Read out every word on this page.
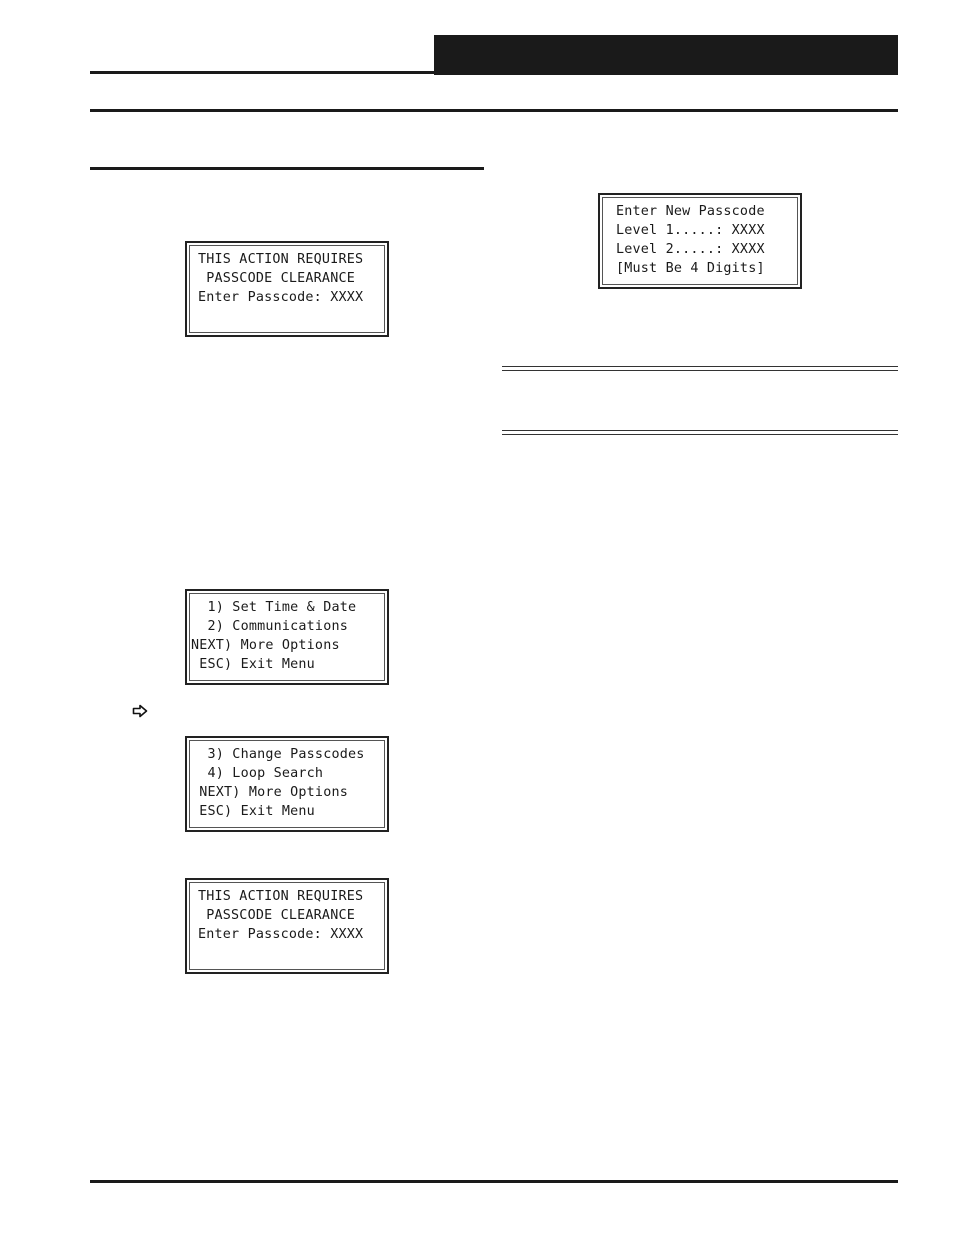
THIS ACTION REQUIRES
PASSCODE CLEARANCE
Enter Passcode: XXXX
1) Set Time & Date
2) Communications
NEXT) More Options
ESC) Exit Menu
3) Change Passcodes
4) Loop Search
NEXT) More Options
ESC) Exit Menu
THIS ACTION REQUIRES
PASSCODE CLEARANCE
Enter Passcode: XXXX
Enter New Passcode
Level 1.....: XXXX
Level 2.....: XXXX
[Must Be 4 Digits]
